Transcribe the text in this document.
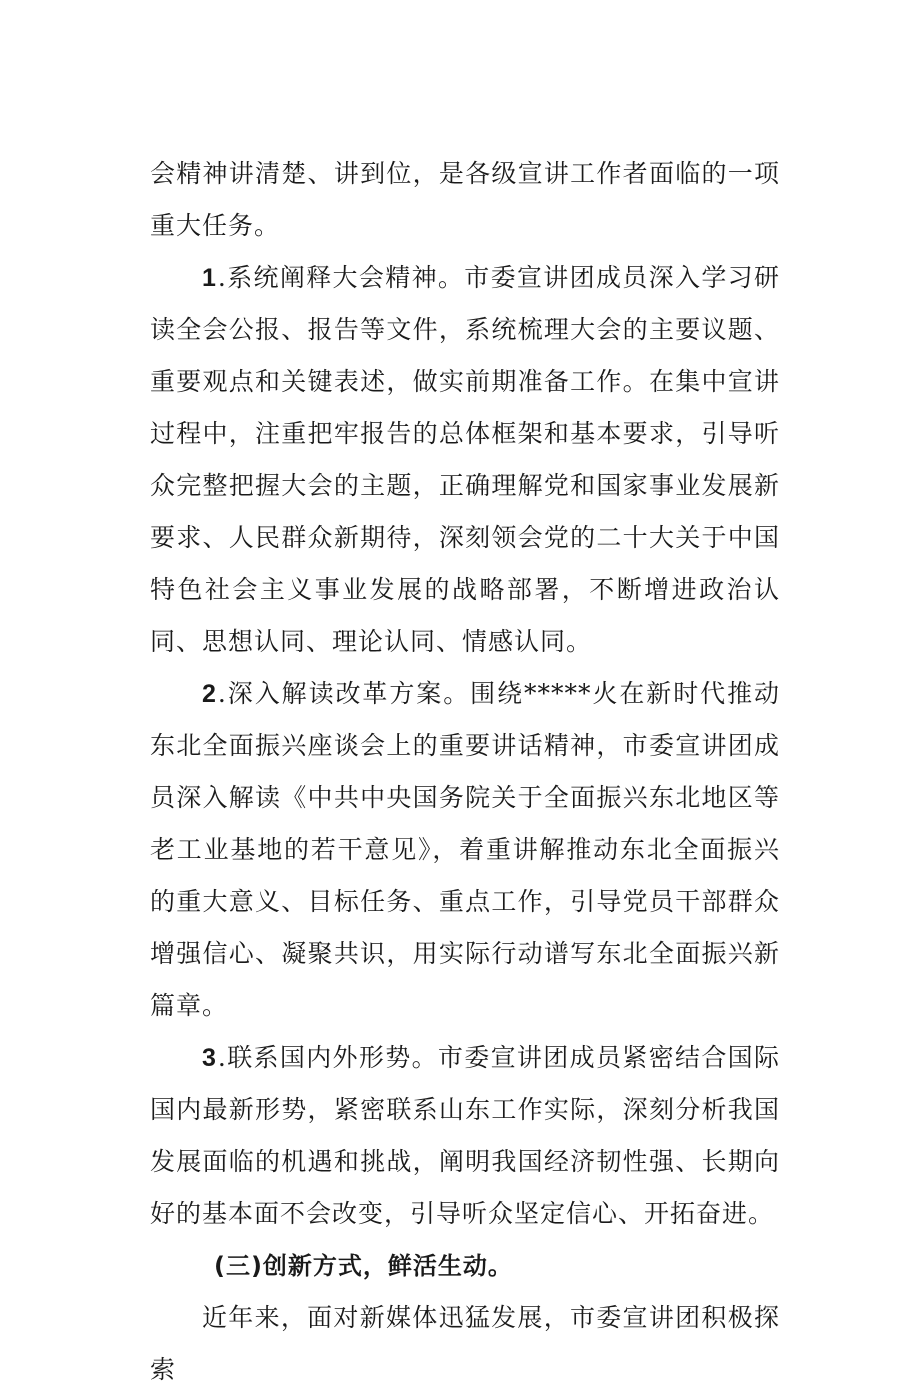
会精神讲清楚、讲到位，是各级宣讲工作者面临的一项重大任务。

1.系统阐释大会精神。市委宣讲团成员深入学习研读全会公报、报告等文件，系统梳理大会的主要议题、重要观点和关键表述，做实前期准备工作。在集中宣讲过程中，注重把牢报告的总体框架和基本要求，引导听众完整把握大会的主题，正确理解党和国家事业发展新要求、人民群众新期待，深刻领会党的二十大关于中国特色社会主义事业发展的战略部署，不断增进政治认同、思想认同、理论认同、情感认同。

2.深入解读改革方案。围绕*****火在新时代推动东北全面振兴座谈会上的重要讲话精神，市委宣讲团成员深入解读《中共中央国务院关于全面振兴东北地区等老工业基地的若干意见》，着重讲解推动东北全面振兴的重大意义、目标任务、重点工作，引导党员干部群众增强信心、凝聚共识，用实际行动谱写东北全面振兴新篇章。

3.联系国内外形势。市委宣讲团成员紧密结合国际国内最新形势，紧密联系山东工作实际，深刻分析我国发展面临的机遇和挑战，阐明我国经济韧性强、长期向好的基本面不会改变，引导听众坚定信心、开拓奋进。

(三)创新方式，鲜活生动。

近年来，面对新媒体迅猛发展，市委宣讲团积极探索
